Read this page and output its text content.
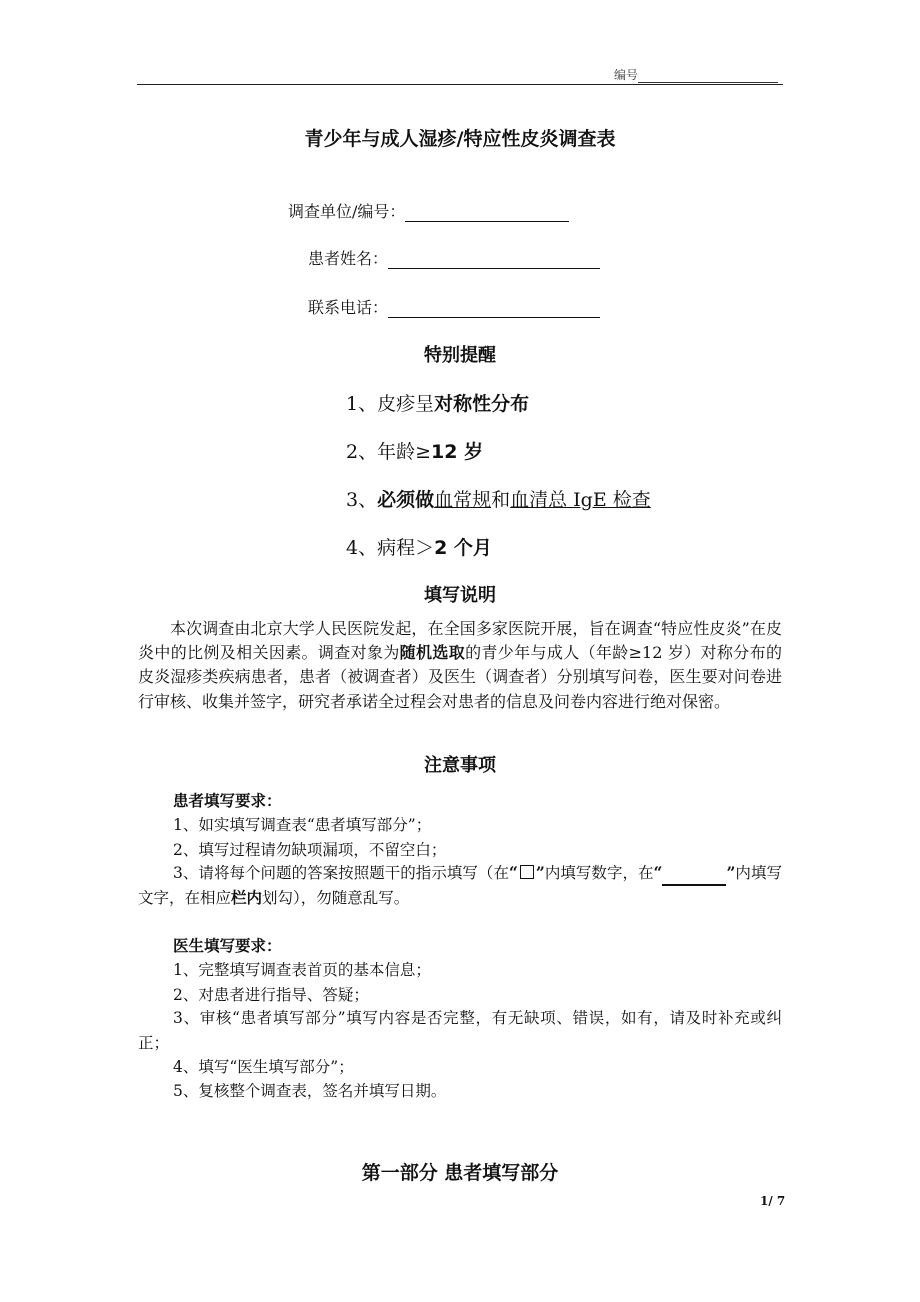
编号
青少年与成人湿疹/特应性皮炎调查表
调查单位/编号：
患者姓名：
联系电话：
特别提醒
1、皮疹呈对称性分布
2、年龄≥12 岁
3、必须做血常规和血清总 IgE 检查
4、病程＞2 个月
填写说明
本次调查由北京大学人民医院发起，在全国多家医院开展，旨在调查“特应性皮炎”在皮炎中的比例及相关因素。调查对象为随机选取的青少年与成人（年龄≥12 岁）对称分布的皮炎湿疹类疾病患者，患者（被调查者）及医生（调查者）分别填写问卷，医生要对问卷进行审核、收集并签字，研究者承诺全过程会对患者的信息及问卷内容进行绝对保密。
注意事项
患者填写要求：
1、如实填写调查表“患者填写部分”；
2、填写过程请勿缺项漏项，不留空白；
3、请将每个问题的答案按照题干的指示填写（在“ ”内填写数字，在“	”内填写文字，在相应栏内划勾），勿随意乱写。
医生填写要求：
1、完整填写调查表首页的基本信息；
2、对患者进行指导、答疑；
3、审核“患者填写部分”填写内容是否完整，有无缺项、错误，如有，请及时补充或纠正；
4、填写“医生填写部分”；
5、复核整个调查表，签名并填写日期。
第一部分 患者填写部分
1/ 7
